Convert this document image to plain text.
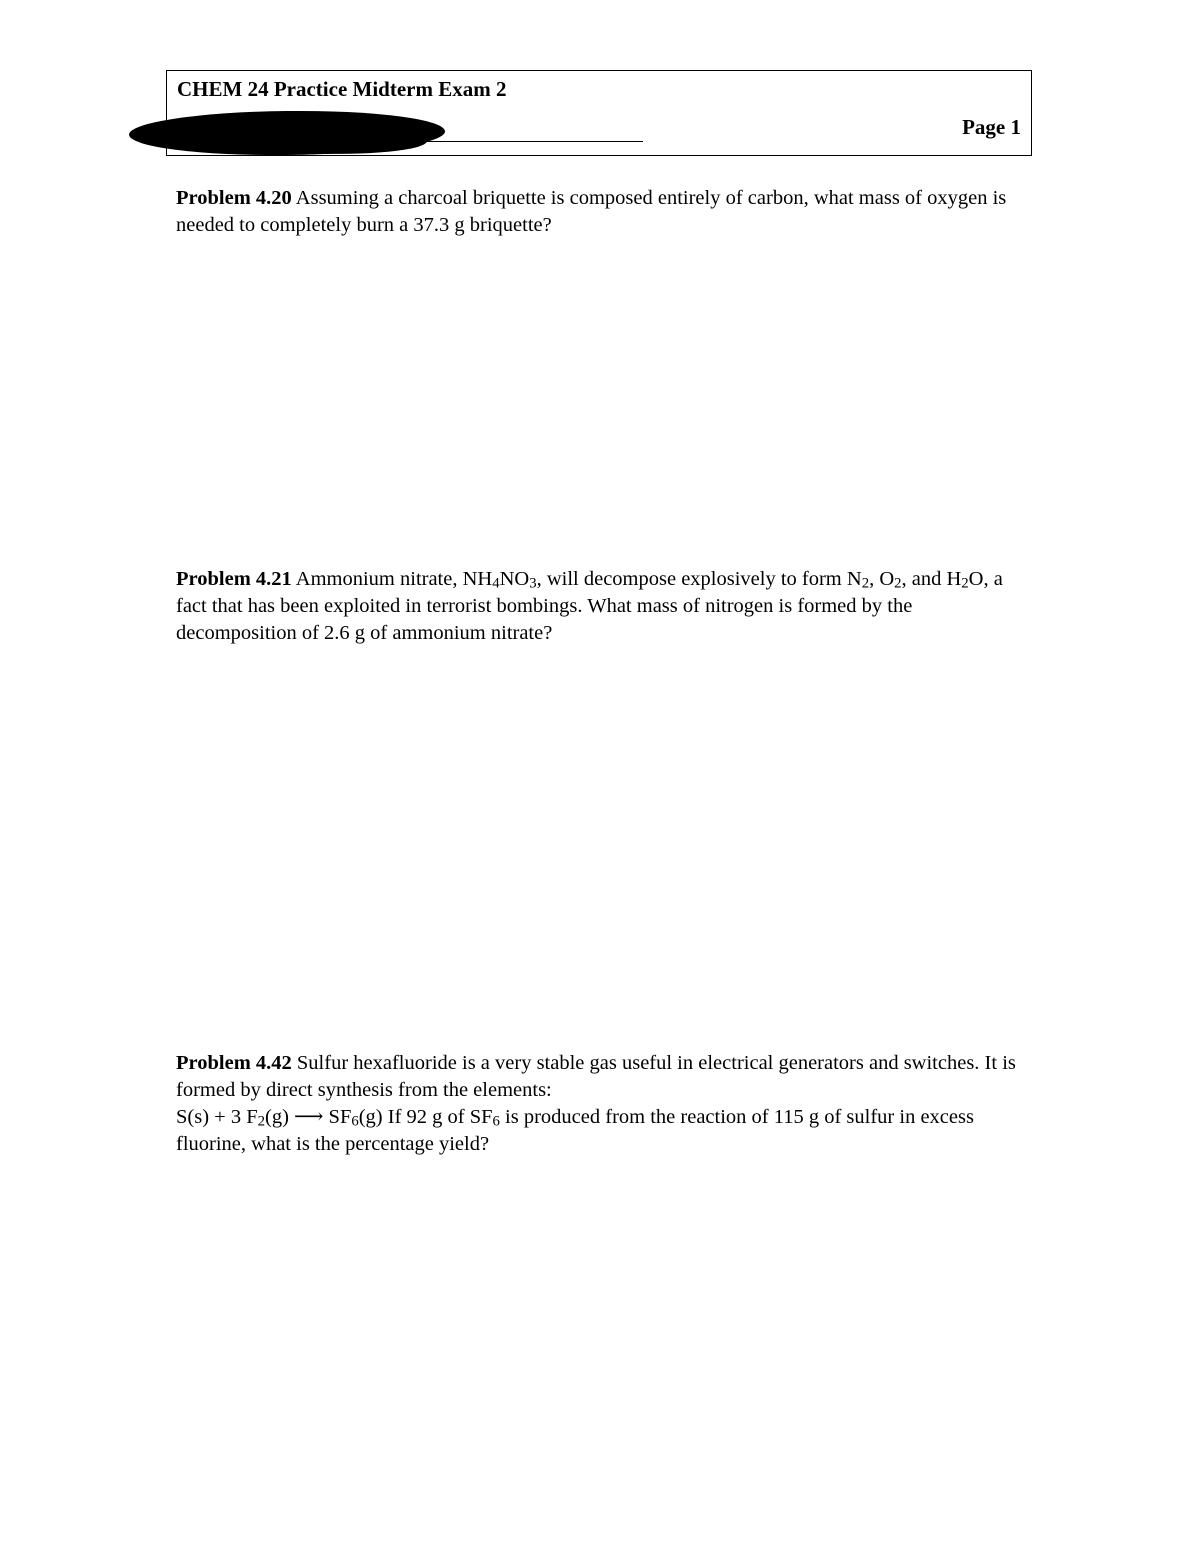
CHEM 24 Practice Midterm Exam 2
Page 1
Problem 4.20 Assuming a charcoal briquette is composed entirely of carbon, what mass of oxygen is needed to completely burn a 37.3 g briquette?
Problem 4.21 Ammonium nitrate, $NH_4NO_3$, will decompose explosively to form $N_2$, $O_2$, and $H_2O$, a fact that has been exploited in terrorist bombings. What mass of nitrogen is formed by the decomposition of 2.6 g of ammonium nitrate?
Problem 4.42 Sulfur hexafluoride is a very stable gas useful in electrical generators and switches. It is formed by direct synthesis from the elements:
S(s) + 3 $F_2(g)$ ⟶ $SF_6(g)$ If 92 g of $SF_6$ is produced from the reaction of 115 g of sulfur in excess fluorine, what is the percentage yield?
